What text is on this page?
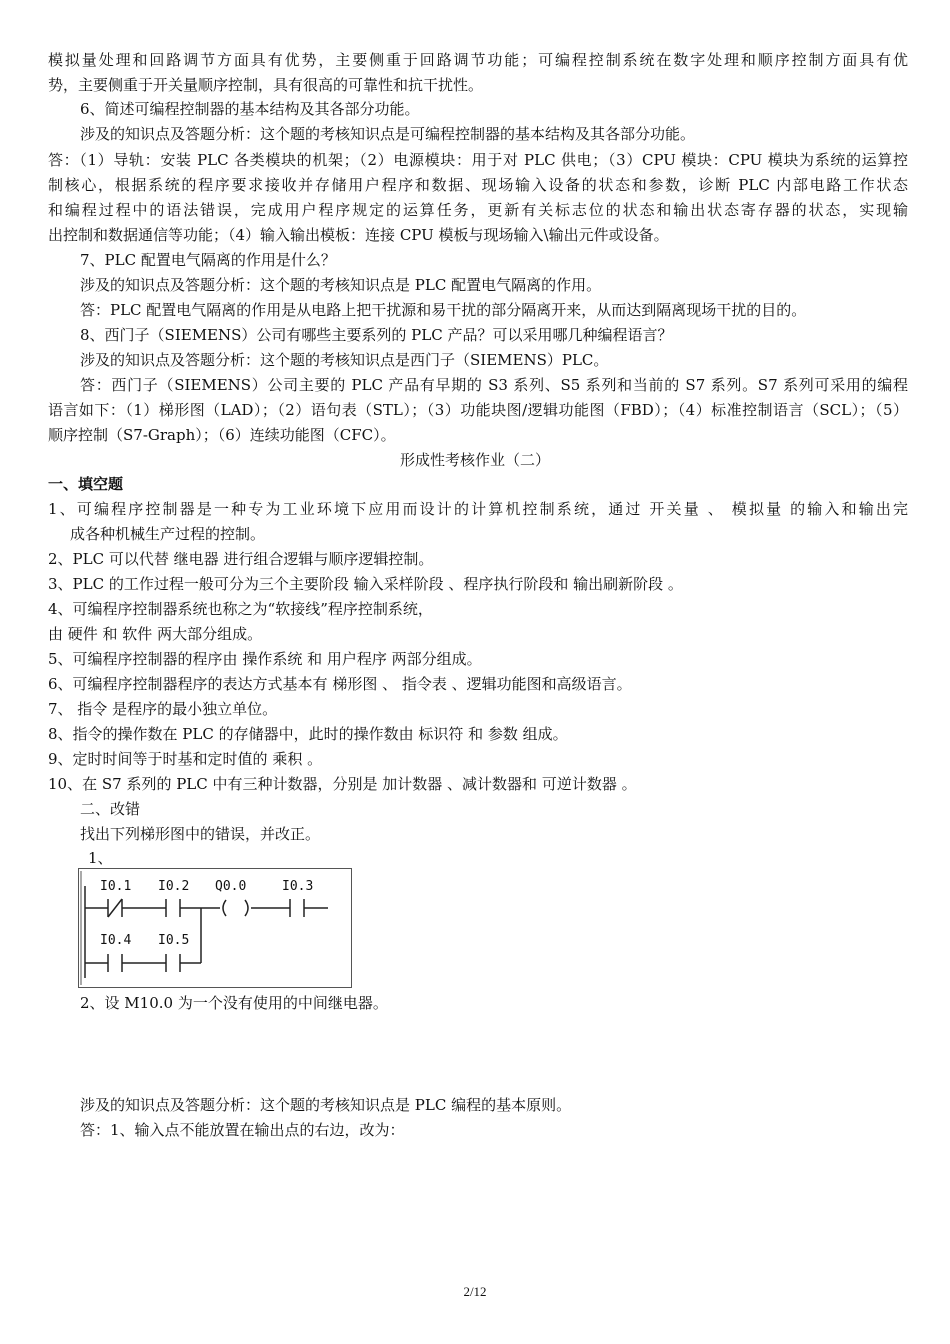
模拟量处理和回路调节方面具有优势，主要侧重于回路调节功能；可编程控制系统在数字处理和顺序控制方面具有优
势，主要侧重于开关量顺序控制，具有很高的可靠性和抗干扰性。
6、简述可编程控制器的基本结构及其各部分功能。
涉及的知识点及答题分析：这个题的考核知识点是可编程控制器的基本结构及其各部分功能。
答：（1）导轨：安装 PLC 各类模块的机架；（2）电源模块：用于对 PLC 供电；（3）CPU 模块：CPU 模块为系统的运算控
制核心，根据系统的程序要求接收并存储用户程序和数据、现场输入设备的状态和参数，诊断 PLC 内部电路工作状态
和编程过程中的语法错误，完成用户程序规定的运算任务，更新有关标志位的状态和输出状态寄存器的状态，实现输
出控制和数据通信等功能；（4）输入输出模板：连接 CPU 模板与现场输入\输出元件或设备。
7、PLC 配置电气隔离的作用是什么？
涉及的知识点及答题分析：这个题的考核知识点是 PLC 配置电气隔离的作用。
答：PLC 配置电气隔离的作用是从电路上把干扰源和易干扰的部分隔离开来，从而达到隔离现场干扰的目的。
8、西门子（SIEMENS）公司有哪些主要系列的 PLC 产品？可以采用哪几种编程语言？
涉及的知识点及答题分析：这个题的考核知识点是西门子（SIEMENS）PLC。
答：西门子（SIEMENS）公司主要的 PLC 产品有早期的 S3 系列、S5 系列和当前的 S7 系列。S7 系列可采用的编程
语言如下：（1）梯形图（LAD）；（2）语句表（STL）；（3）功能块图/逻辑功能图（FBD）；（4）标准控制语言（SCL）；（5）
顺序控制（S7-Graph）；（6）连续功能图（CFC）。
形成性考核作业（二）
一、填空题
1、可编程序控制器是一种专为工业环境下应用而设计的计算机控制系统，通过 开关量 、 模拟量 的输入和输出完
成各种机械生产过程的控制。
2、PLC 可以代替 继电器 进行组合逻辑与顺序逻辑控制。
3、PLC 的工作过程一般可分为三个主要阶段 输入采样阶段 、程序执行阶段和 输出刷新阶段 。
4、可编程序控制器系统也称之为“软接线”程序控制系统，
由 硬件 和 软件 两大部分组成。
5、可编程序控制器的程序由 操作系统 和 用户程序 两部分组成。
6、可编程序控制器程序的表达方式基本有 梯形图 、 指令表 、逻辑功能图和高级语言。
7、 指令 是程序的最小独立单位。
8、指令的操作数在 PLC 的存储器中，此时的操作数由 标识符 和 参数 组成。
9、定时时间等于时基和定时值的 乘积 。
10、在 S7 系列的 PLC 中有三种计数器，分别是 加计数器 、减计数器和 可逆计数器 。
二、改错
找出下列梯形图中的错误，并改正。
1、
I0.1 I0.2 Q0.0	I0.3
I0.4 I0.5
2、设 M10.0 为一个没有使用的中间继电器。
涉及的知识点及答题分析：这个题的考核知识点是 PLC 编程的基本原则。
答：1、输入点不能放置在输出点的右边，改为：
2/12
